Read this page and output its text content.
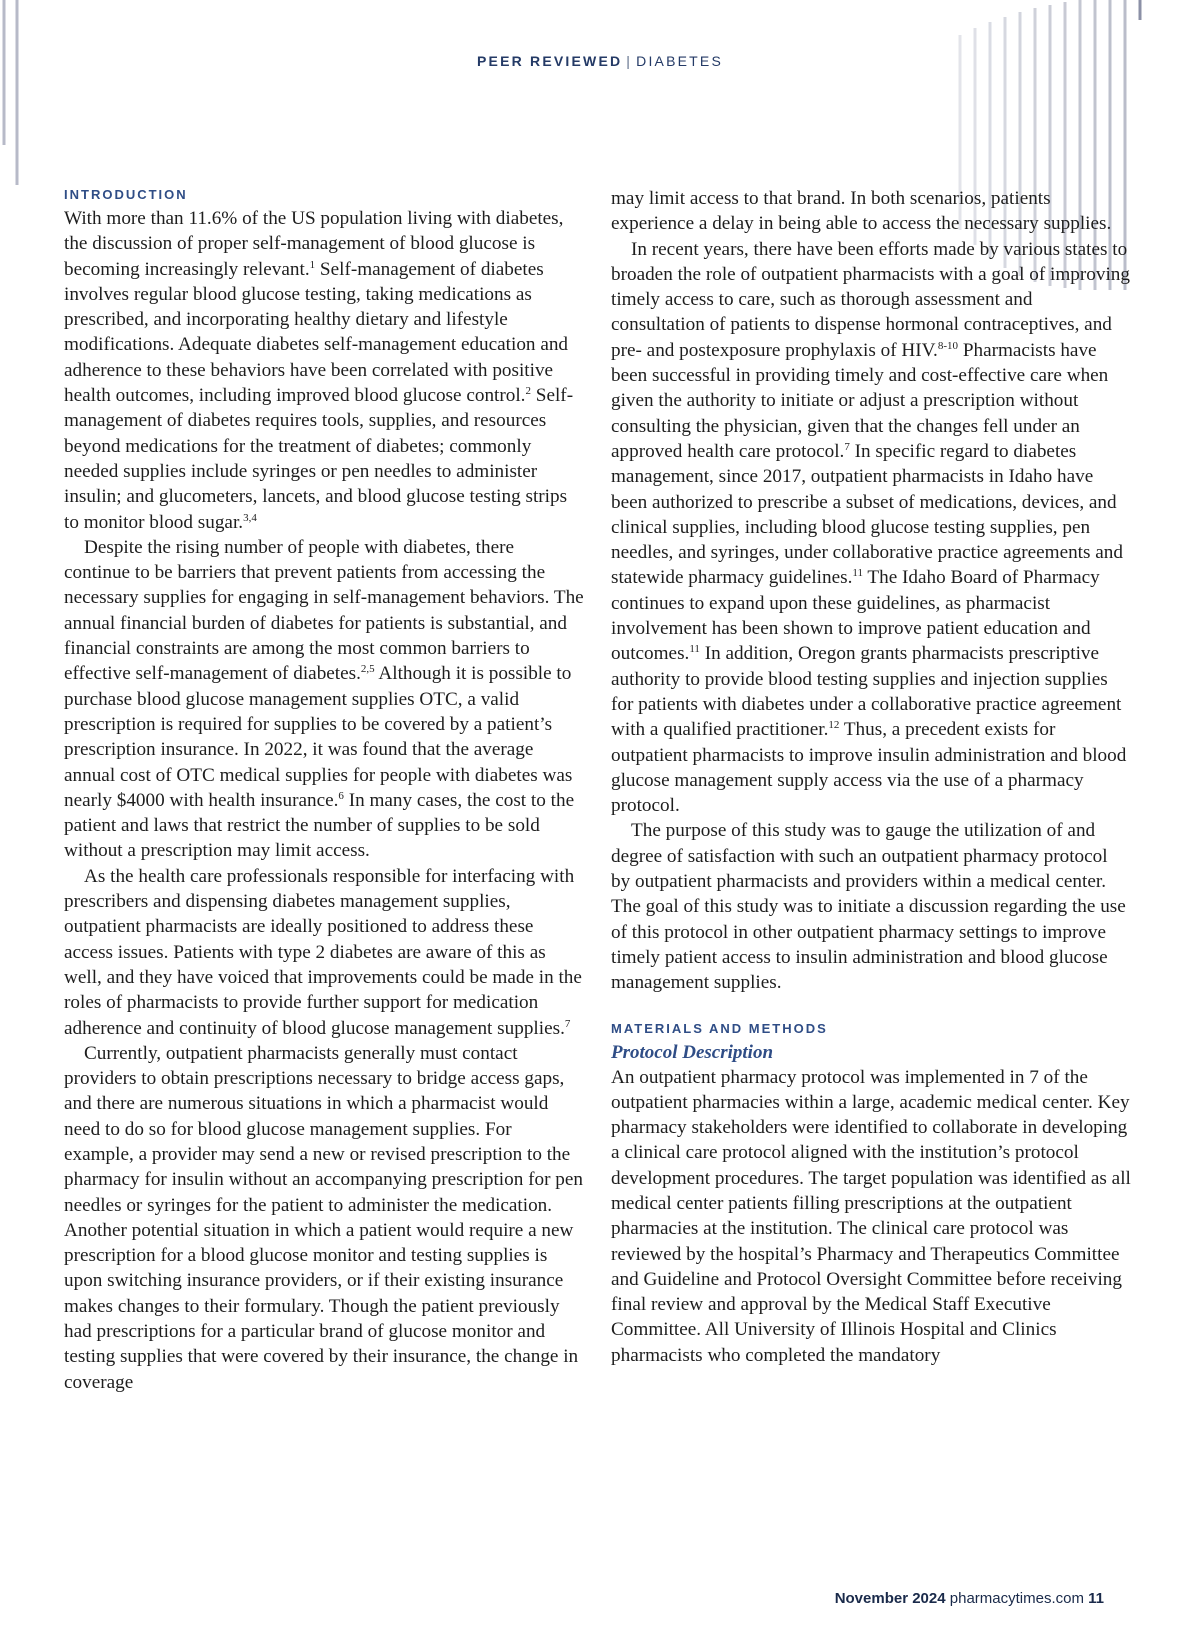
PEER REVIEWED | DIABETES
INTRODUCTION

With more than 11.6% of the US population living with diabetes, the discussion of proper self-management of blood glucose is becoming increasingly relevant.$^1$ Self-management of diabetes involves regular blood glucose testing, taking medications as prescribed, and incorporating healthy dietary and lifestyle modifications. Adequate diabetes self-management education and adherence to these behaviors have been correlated with positive health outcomes, including improved blood glucose control.$^2$ Self-management of diabetes requires tools, supplies, and resources beyond medications for the treatment of diabetes; commonly needed supplies include syringes or pen needles to administer insulin; and glucometers, lancets, and blood glucose testing strips to monitor blood sugar.$^{3,4}$

Despite the rising number of people with diabetes, there continue to be barriers that prevent patients from accessing the necessary supplies for engaging in self-management behaviors. The annual financial burden of diabetes for patients is substantial, and financial constraints are among the most common barriers to effective self-management of diabetes.$^{2,5}$ Although it is possible to purchase blood glucose management supplies OTC, a valid prescription is required for supplies to be covered by a patient’s prescription insurance. In 2022, it was found that the average annual cost of OTC medical supplies for people with diabetes was nearly $4000 with health insurance.$^6$ In many cases, the cost to the patient and laws that restrict the number of supplies to be sold without a prescription may limit access.

As the health care professionals responsible for interfacing with prescribers and dispensing diabetes management supplies, outpatient pharmacists are ideally positioned to address these access issues. Patients with type 2 diabetes are aware of this as well, and they have voiced that improvements could be made in the roles of pharmacists to provide further support for medication adherence and continuity of blood glucose management supplies.$^7$

Currently, outpatient pharmacists generally must contact providers to obtain prescriptions necessary to bridge access gaps, and there are numerous situations in which a pharmacist would need to do so for blood glucose management supplies. For example, a provider may send a new or revised prescription to the pharmacy for insulin without an accompanying prescription for pen needles or syringes for the patient to administer the medication. Another potential situation in which a patient would require a new prescription for a blood glucose monitor and testing supplies is upon switching insurance providers, or if their existing insurance makes changes to their formulary. Though the patient previously had prescriptions for a particular brand of glucose monitor and testing supplies that were covered by their insurance, the change in coverage

may limit access to that brand. In both scenarios, patients experience a delay in being able to access the necessary supplies.

In recent years, there have been efforts made by various states to broaden the role of outpatient pharmacists with a goal of improving timely access to care, such as thorough assessment and consultation of patients to dispense hormonal contraceptives, and pre- and postexposure prophylaxis of HIV.$^{8-10}$ Pharmacists have been successful in providing timely and cost-effective care when given the authority to initiate or adjust a prescription without consulting the physician, given that the changes fell under an approved health care protocol.$^7$ In specific regard to diabetes management, since 2017, outpatient pharmacists in Idaho have been authorized to prescribe a subset of medications, devices, and clinical supplies, including blood glucose testing supplies, pen needles, and syringes, under collaborative practice agreements and statewide pharmacy guidelines.$^{11}$ The Idaho Board of Pharmacy continues to expand upon these guidelines, as pharmacist involvement has been shown to improve patient education and outcomes.$^{11}$ In addition, Oregon grants pharmacists prescriptive authority to provide blood testing supplies and injection supplies for patients with diabetes under a collaborative practice agreement with a qualified practitioner.$^{12}$ Thus, a precedent exists for outpatient pharmacists to improve insulin administration and blood glucose management supply access via the use of a pharmacy protocol.

The purpose of this study was to gauge the utilization of and degree of satisfaction with such an outpatient pharmacy protocol by outpatient pharmacists and providers within a medical center. The goal of this study was to initiate a discussion regarding the use of this protocol in other outpatient pharmacy settings to improve timely patient access to insulin administration and blood glucose management supplies.

MATERIALS AND METHODS
Protocol Description

An outpatient pharmacy protocol was implemented in 7 of the outpatient pharmacies within a large, academic medical center. Key pharmacy stakeholders were identified to collaborate in developing a clinical care protocol aligned with the institution’s protocol development procedures. The target population was identified as all medical center patients filling prescriptions at the outpatient pharmacies at the institution. The clinical care protocol was reviewed by the hospital’s Pharmacy and Therapeutics Committee and Guideline and Protocol Oversight Committee before receiving final review and approval by the Medical Staff Executive Committee. All University of Illinois Hospital and Clinics pharmacists who completed the mandatory

November 2024 pharmacytimes.com 11
